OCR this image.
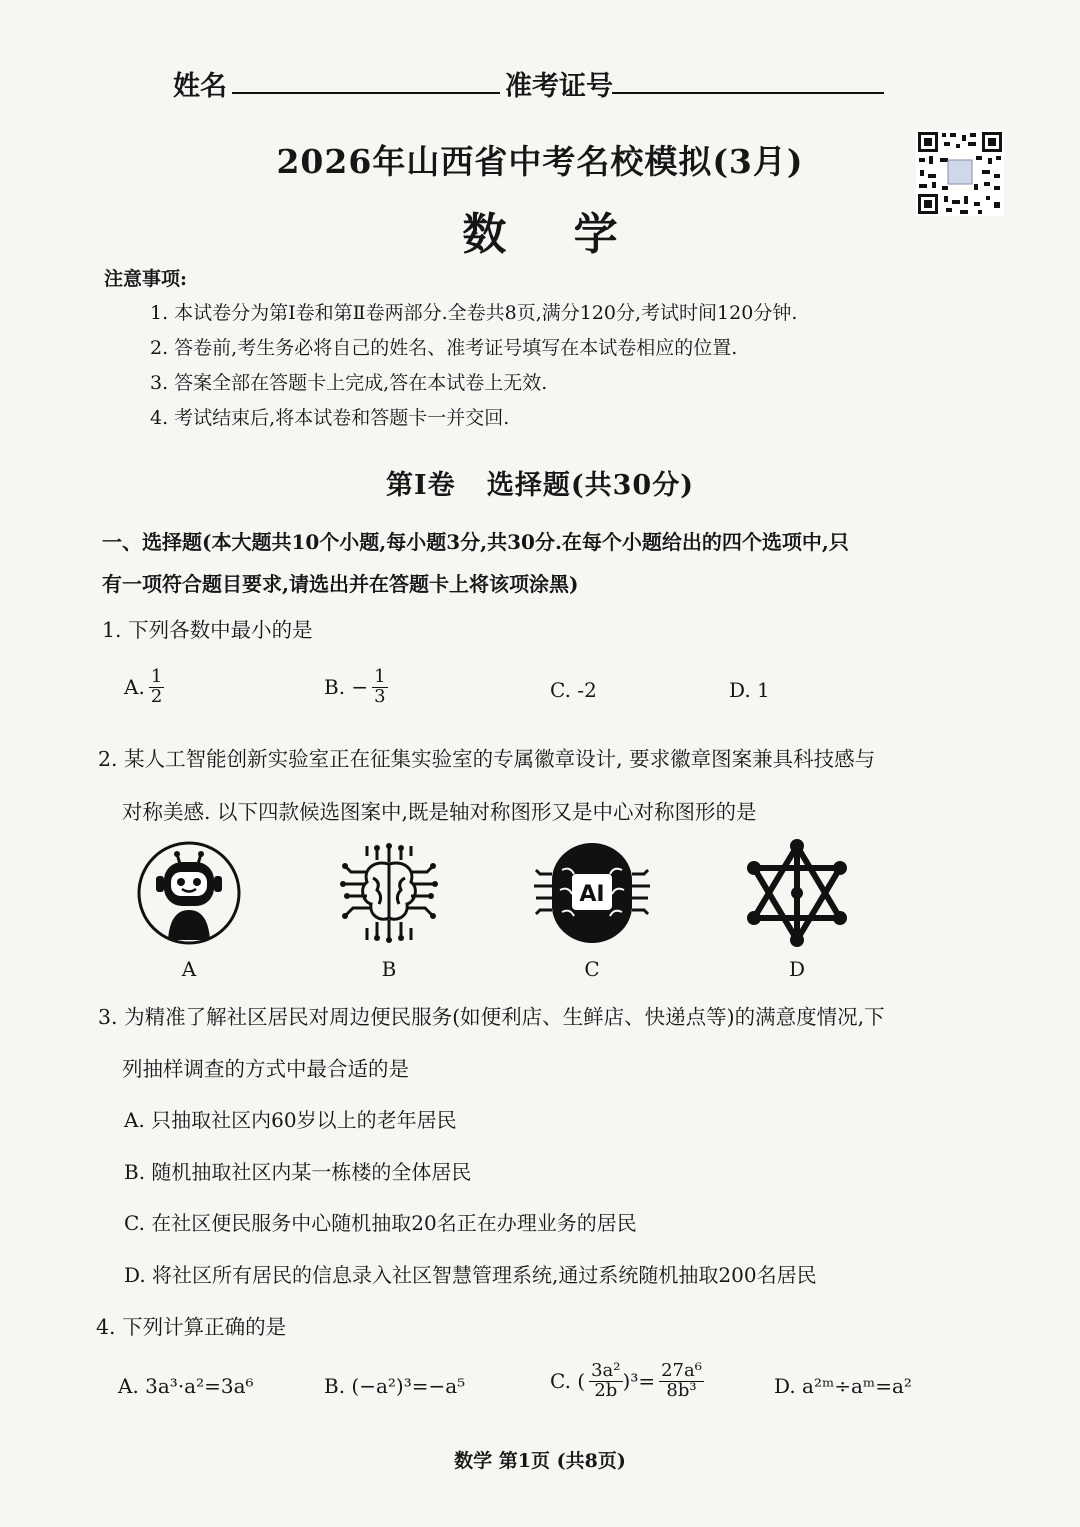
姓名	准考证号
2026年山西省中考名校模拟(3月)
数 学
注意事项:
1. 本试卷分为第Ⅰ卷和第Ⅱ卷两部分.全卷共8页,满分120分,考试时间120分钟.
2. 答卷前,考生务必将自己的姓名、准考证号填写在本试卷相应的位置.
3. 答案全部在答题卡上完成,答在本试卷上无效.
4. 考试结束后,将本试卷和答题卡一并交回.
第Ⅰ卷   选择题(共30分)
一、选择题(本大题共10个小题,每小题3分,共30分.在每个小题给出的四个选项中,只
有一项符合题目要求,请选出并在答题卡上将该项涂黑)
1. 下列各数中最小的是
A. $\frac{1}{2}$	B. − $\frac{1}{3}$	C. -2	D. 1
2. 某人工智能创新实验室正在征集实验室的专属徽章设计, 要求徽章图案兼具科技感与
对称美感. 以下四款候选图案中,既是轴对称图形又是中心对称图形的是
A	B
AI
C	D
3. 为精准了解社区居民对周边便民服务(如便利店、生鲜店、快递点等)的满意度情况,下
列抽样调查的方式中最合适的是
A. 只抽取社区内60岁以上的老年居民
B. 随机抽取社区内某一栋楼的全体居民
C. 在社区便民服务中心随机抽取20名正在办理业务的居民
D. 将社区所有居民的信息录入社区智慧管理系统,通过系统随机抽取200名居民
4. 下列计算正确的是
A. 3a³·a²=3a⁶	B. (−a²)³=−a⁵	C. ( $\frac{\text{3a²}}{2b} )^3= \frac{\text{27a⁶}}{\text{8b³}}$	D. a²ᵐ÷aᵐ=a²
数学 第1页 (共8页)
